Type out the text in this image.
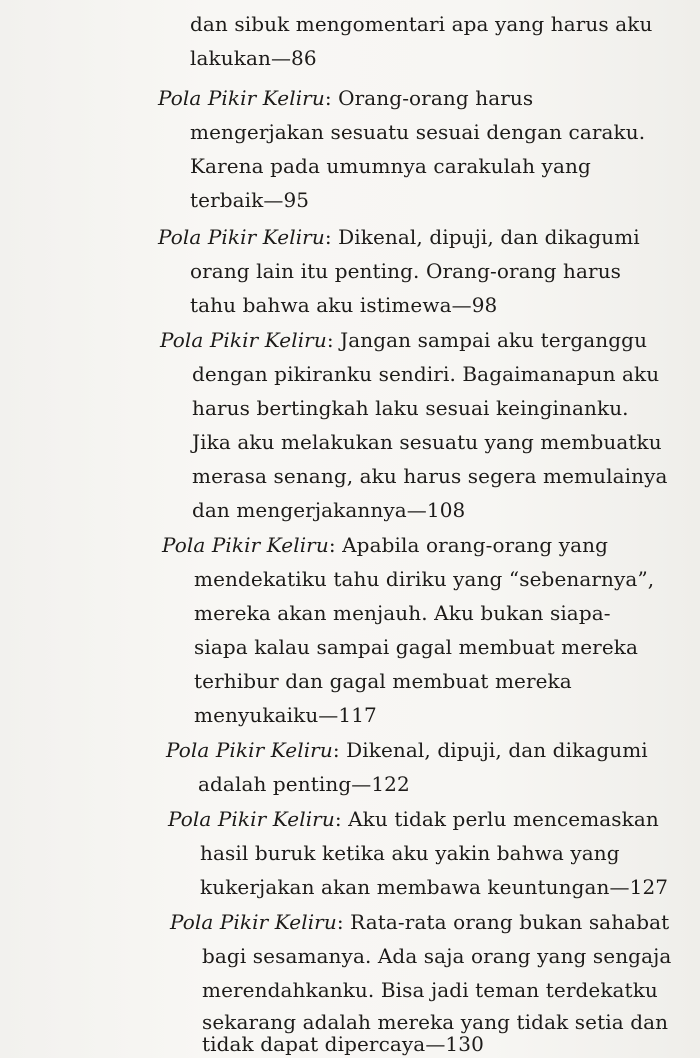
dan sibuk mengomentari apa yang harus aku
lakukan—86
Pola Pikir Keliru: Orang-orang harus
mengerjakan sesuatu sesuai dengan caraku.
Karena pada umumnya carakulah yang
terbaik—95
Pola Pikir Keliru: Dikenal, dipuji, dan dikagumi
orang lain itu penting. Orang-orang harus
tahu bahwa aku istimewa—98
Pola Pikir Keliru: Jangan sampai aku terganggu
dengan pikiranku sendiri. Bagaimanapun aku
harus bertingkah laku sesuai keinginanku.
Jika aku melakukan sesuatu yang membuatku
merasa senang, aku harus segera memulainya
dan mengerjakannya—108
Pola Pikir Keliru: Apabila orang-orang yang
mendekatiku tahu diriku yang “sebenarnya”,
mereka akan menjauh. Aku bukan siapa-
siapa kalau sampai gagal membuat mereka
terhibur dan gagal membuat mereka
menyukaiku—117
Pola Pikir Keliru: Dikenal, dipuji, dan dikagumi
adalah penting—122
Pola Pikir Keliru: Aku tidak perlu mencemaskan
hasil buruk ketika aku yakin bahwa yang
kukerjakan akan membawa keuntungan—127
Pola Pikir Keliru: Rata-rata orang bukan sahabat
bagi sesamanya. Ada saja orang yang sengaja
merendahkanku. Bisa jadi teman terdekatku
sekarang adalah mereka yang tidak setia dan
tidak dapat dipercaya—130
